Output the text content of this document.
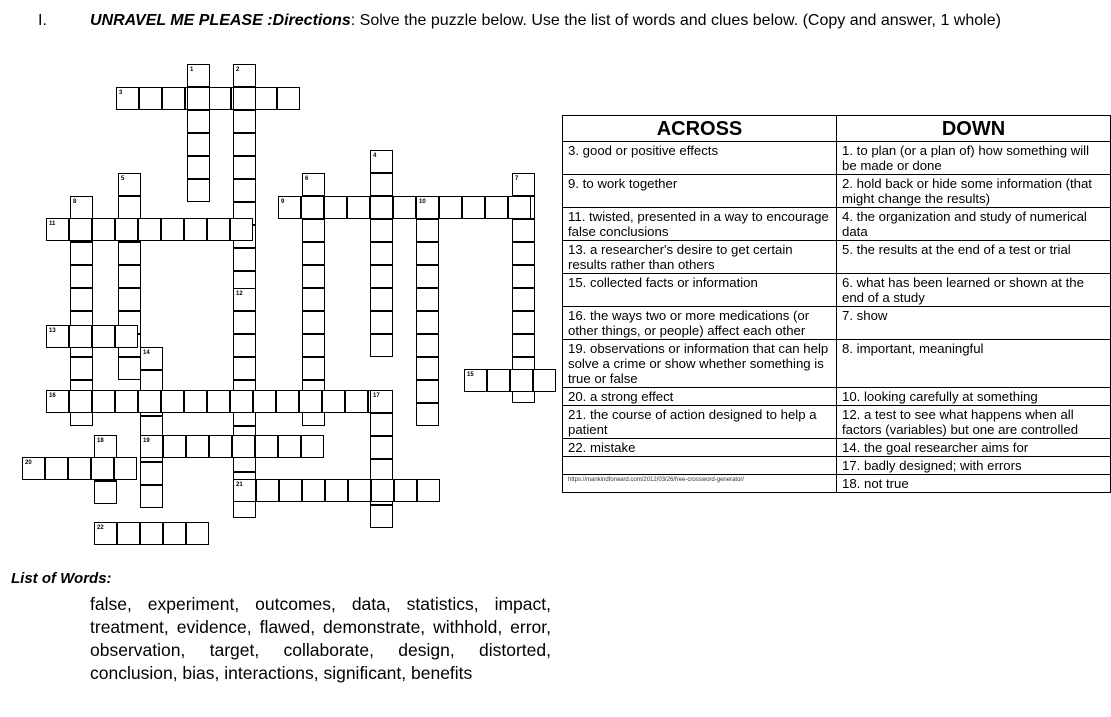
I.	UNRAVEL ME PLEASE :Directions: Solve the puzzle below. Use the list of words and clues below. (Copy and answer, 1 whole)
1	2
3
4
5	6	7
8	9	10
11
12
13
14
15
16	17
18	19
20
21
22
ACROSS	DOWN
3. good or positive effects	1. to plan (or a plan of) how something will be made or done
9. to work together	2. hold back or hide some information (that might change the results)
11. twisted, presented in a way to encourage false conclusions	4. the organization and study of numerical data
13. a researcher's desire to get certain results rather than others	5. the results at the end of a test or trial
15. collected facts or information	6. what has been learned or shown at the end of a study
16. the ways two or more medications (or other things, or people) affect each other	7. show
19. observations or information that can help solve a crime or show whether something is true or false	8. important, meaningful
20. a strong effect	10. looking carefully at something
21. the course of action designed to help a patient	12. a test to see what happens when all factors (variables) but one are controlled
22. mistake	14. the goal researcher aims for
	17. badly designed; with errors
https://mankindforward.com/2012/03/26/free-crossword-generator/	18. not true
List of Words:
false, experiment, outcomes, data, statistics, impact, treatment, evidence, flawed, demonstrate, withhold, error, observation, target, collaborate, design, distorted, conclusion, bias, interactions, significant, benefits
